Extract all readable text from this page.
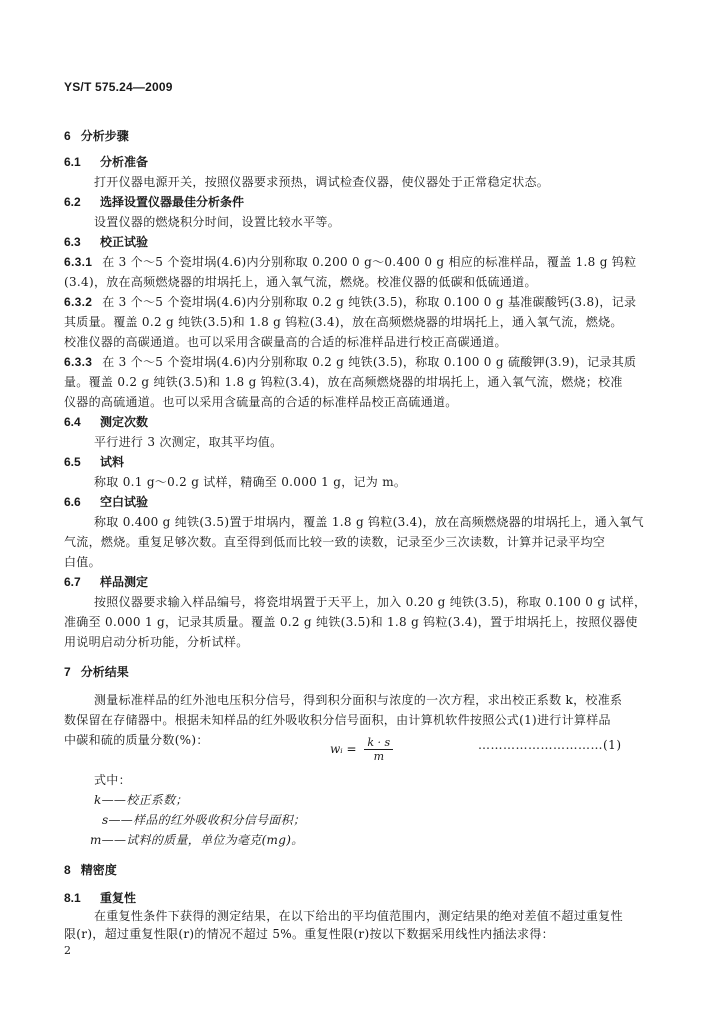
YS/T 575.24—2009
6 分析步骤
6.1 分析准备
打开仪器电源开关，按照仪器要求预热，调试检查仪器，使仪器处于正常稳定状态。
6.2 选择设置仪器最佳分析条件
设置仪器的燃烧积分时间，设置比较水平等。
6.3 校正试验
6.3.1 在 3 个～5 个瓷坩埚(4.6)内分别称取 0.200 0 g～0.400 0 g 相应的标准样品，覆盖 1.8 g 钨粒
(3.4)，放在高频燃烧器的坩埚托上，通入氧气流，燃烧。校准仪器的低碳和低硫通道。
6.3.2 在 3 个～5 个瓷坩埚(4.6)内分别称取 0.2 g 纯铁(3.5)，称取 0.100 0 g 基准碳酸钙(3.8)，记录
其质量。覆盖 0.2 g 纯铁(3.5)和 1.8 g 钨粒(3.4)，放在高频燃烧器的坩埚托上，通入氧气流，燃烧。
校准仪器的高碳通道。也可以采用含碳量高的合适的标准样品进行校正高碳通道。
6.3.3 在 3 个～5 个瓷坩埚(4.6)内分别称取 0.2 g 纯铁(3.5)，称取 0.100 0 g 硫酸钾(3.9)，记录其质
量。覆盖 0.2 g 纯铁(3.5)和 1.8 g 钨粒(3.4)，放在高频燃烧器的坩埚托上，通入氧气流，燃烧；校准
仪器的高硫通道。也可以采用含硫量高的合适的标准样品校正高硫通道。
6.4 测定次数
平行进行 3 次测定，取其平均值。
6.5 试料
称取 0.1 g～0.2 g 试样，精确至 0.000 1 g，记为 m。
6.6 空白试验
称取 0.400 g 纯铁(3.5)置于坩埚内，覆盖 1.8 g 钨粒(3.4)，放在高频燃烧器的坩埚托上，通入氧气
气流，燃烧。重复足够次数。直至得到低而比较一致的读数，记录至少三次读数，计算并记录平均空
白值。
6.7 样品测定
按照仪器要求输入样品编号，将瓷坩埚置于天平上，加入 0.20 g 纯铁(3.5)，称取 0.100 0 g 试样，
准确至 0.000 1 g，记录其质量。覆盖 0.2 g 纯铁(3.5)和 1.8 g 钨粒(3.4)，置于坩埚托上，按照仪器使
用说明启动分析功能，分析试样。
7 分析结果
测量标准样品的红外池电压积分信号，得到积分面积与浓度的一次方程，求出校正系数 k，校准系
数保留在存储器中。根据未知样品的红外吸收积分信号面积，由计算机软件按照公式(1)进行计算样品
中碳和硫的质量分数(%)：
wᵢ = $\frac{k \cdot s}{m}$	…………………………(1)
式中：
k——校正系数；
s——样品的红外吸收积分信号面积；
m——试料的质量，单位为毫克(mg)。
8 精密度
8.1 重复性
在重复性条件下获得的测定结果，在以下给出的平均值范围内，测定结果的绝对差值不超过重复性
限(r)，超过重复性限(r)的情况不超过 5%。重复性限(r)按以下数据采用线性内插法求得：
2
